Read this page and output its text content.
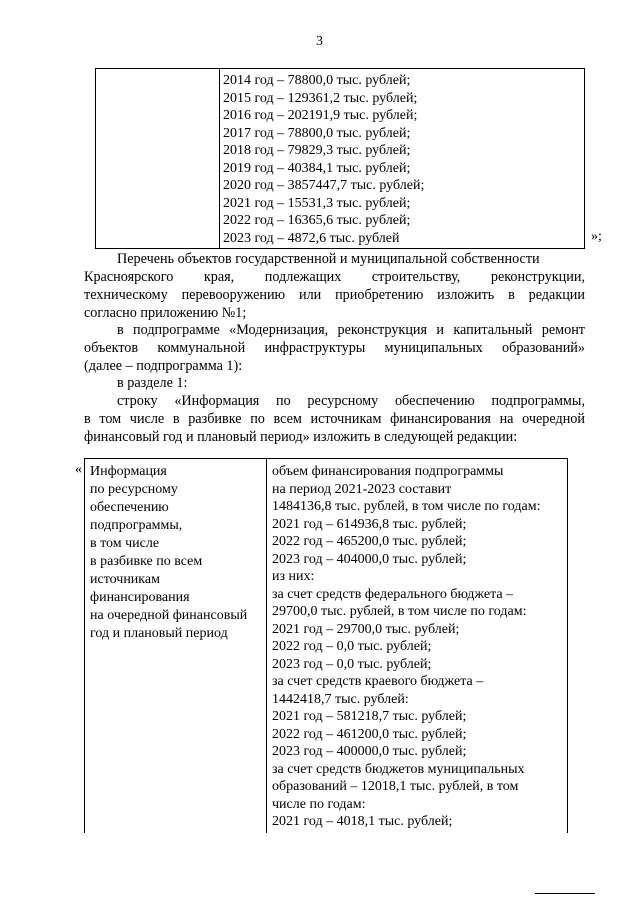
3
2014 год – 78800,0 тыс. рублей;
2015 год – 129361,2 тыс. рублей;
2016 год – 202191,9 тыс. рублей;
2017 год – 78800,0 тыс. рублей;
2018 год – 79829,3 тыс. рублей;
2019 год – 40384,1 тыс. рублей;
2020 год – 3857447,7 тыс. рублей;
2021 год – 15531,3 тыс. рублей;
2022 год – 16365,6 тыс. рублей;
2023 год – 4872,6 тыс. рублей	»;
Перечень объектов государственной и муниципальной собственности
Красноярского края, подлежащих строительству, реконструкции,
техническому перевооружению или приобретению изложить в редакции
согласно приложению №1;
в подпрограмме «Модернизация, реконструкция и капитальный ремонт
объектов коммунальной инфраструктуры муниципальных образований»
(далее – подпрограмма 1):
в разделе 1:
строку «Информация по ресурсному обеспечению подпрограммы,
в том числе в разбивке по всем источникам финансирования на очередной
финансовый год и плановый период» изложить в следующей редакции:
« Информация
по ресурсному
обеспечению
подпрограммы,
в том числе
в разбивке по всем
источникам
финансирования
на очередной финансовый
год и плановый период
объем финансирования подпрограммы
на период 2021-2023 составит
1484136,8 тыс. рублей, в том числе по годам:
2021 год – 614936,8 тыс. рублей;
2022 год – 465200,0 тыс. рублей;
2023 год – 404000,0 тыс. рублей;
из них:
за счет средств федерального бюджета –
29700,0 тыс. рублей, в том числе по годам:
2021 год – 29700,0 тыс. рублей;
2022 год – 0,0 тыс. рублей;
2023 год – 0,0 тыс. рублей;
за счет средств краевого бюджета –
1442418,7 тыс. рублей:
2021 год – 581218,7 тыс. рублей;
2022 год – 461200,0 тыс. рублей;
2023 год – 400000,0 тыс. рублей;
за счет средств бюджетов муниципальных
образований – 12018,1 тыс. рублей, в том
числе по годам:
2021 год – 4018,1 тыс. рублей;
